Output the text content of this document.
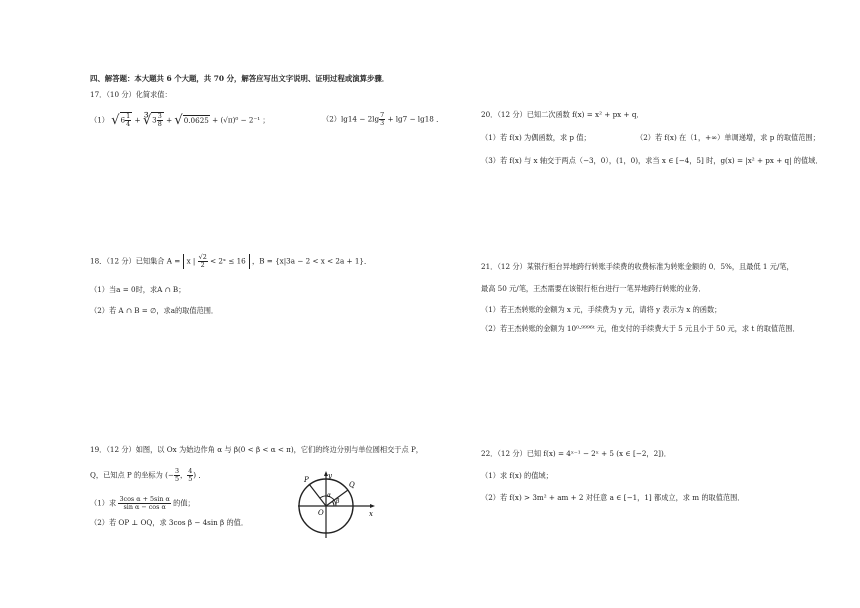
四、解答题：本大题共 6 个大题，共 70 分，解答应写出文字说明、证明过程或演算步骤．
17．（10 分）化简求值：
（1） $√6 \frac{1}{4}$ + ∛3 $\frac{3}{8} + √0.0625 + (√\pi)^0 - 2^{-1}$ ；	$(2)\lg 14 - 2\lg \frac{7}{3} + \lg 7 - \lg 18$ ．
18．（12 分）已知集合 A = x | $\frac{√2}{2}$ < 2ˣ ≤ 16 ，B = {x|3a − 2 < x < 2a + 1}．
（1）当a = 0时，求A ∩ B；
（2）若 A ∩ B = ∅，求a的取值范围．
19．（12 分）如图，以 Ox 为始边作角 α 与 β(0 < β < α < π)，它们的终边分别与单位圆相交于点 P，
Q，已知点 P 的坐标为 (− $\frac{3}{5}$ ， $\frac{4}{5}$ ) ．
（1）求 $\frac{\text{3cos α + 5sin α}}{\text{sin α − cos α}}$ 的值；
（2）若 OP ⊥ OQ，求 3cos β − 4sin β 的值．
P
Q
y
x
O
α
β
20．（12 分）已知二次函数 f(x) = x² + px + q．
（1）若 f(x) 为偶函数，求 p 值；	（2）若 f(x) 在（1，+∞）单调递增，求 p 的取值范围；
（3）若 f(x) 与 x 轴交于两点（−3，0），(1，0)，求当 x ∈ [−4，5] 时，g(x) = |x² + px + q| 的值域．
21．（12 分）某银行柜台异地跨行转账手续费的收费标准为转账金额的 0．5%，且最低 1 元/笔，
最高 50 元/笔，王杰需要在该银行柜台进行一笔异地跨行转账的业务．
（1）若王杰转账的金额为 x 元，手续费为 y 元，请将 y 表示为 x 的函数；
（2）若王杰转账的金额为 10⁰·⁹⁹⁹⁶ᵗ 元，他支付的手续费大于 5 元且小于 50 元，求 t 的取值范围．
22．（12 分）已知 f(x) = 4ˣ⁻¹ − 2ˣ + 5 (x ∈ [−2，2])．
（1）求 f(x) 的值域；
（2）若 f(x) > 3m² + am + 2 对任意 a ∈ [−1，1] 都成立，求 m 的取值范围．
